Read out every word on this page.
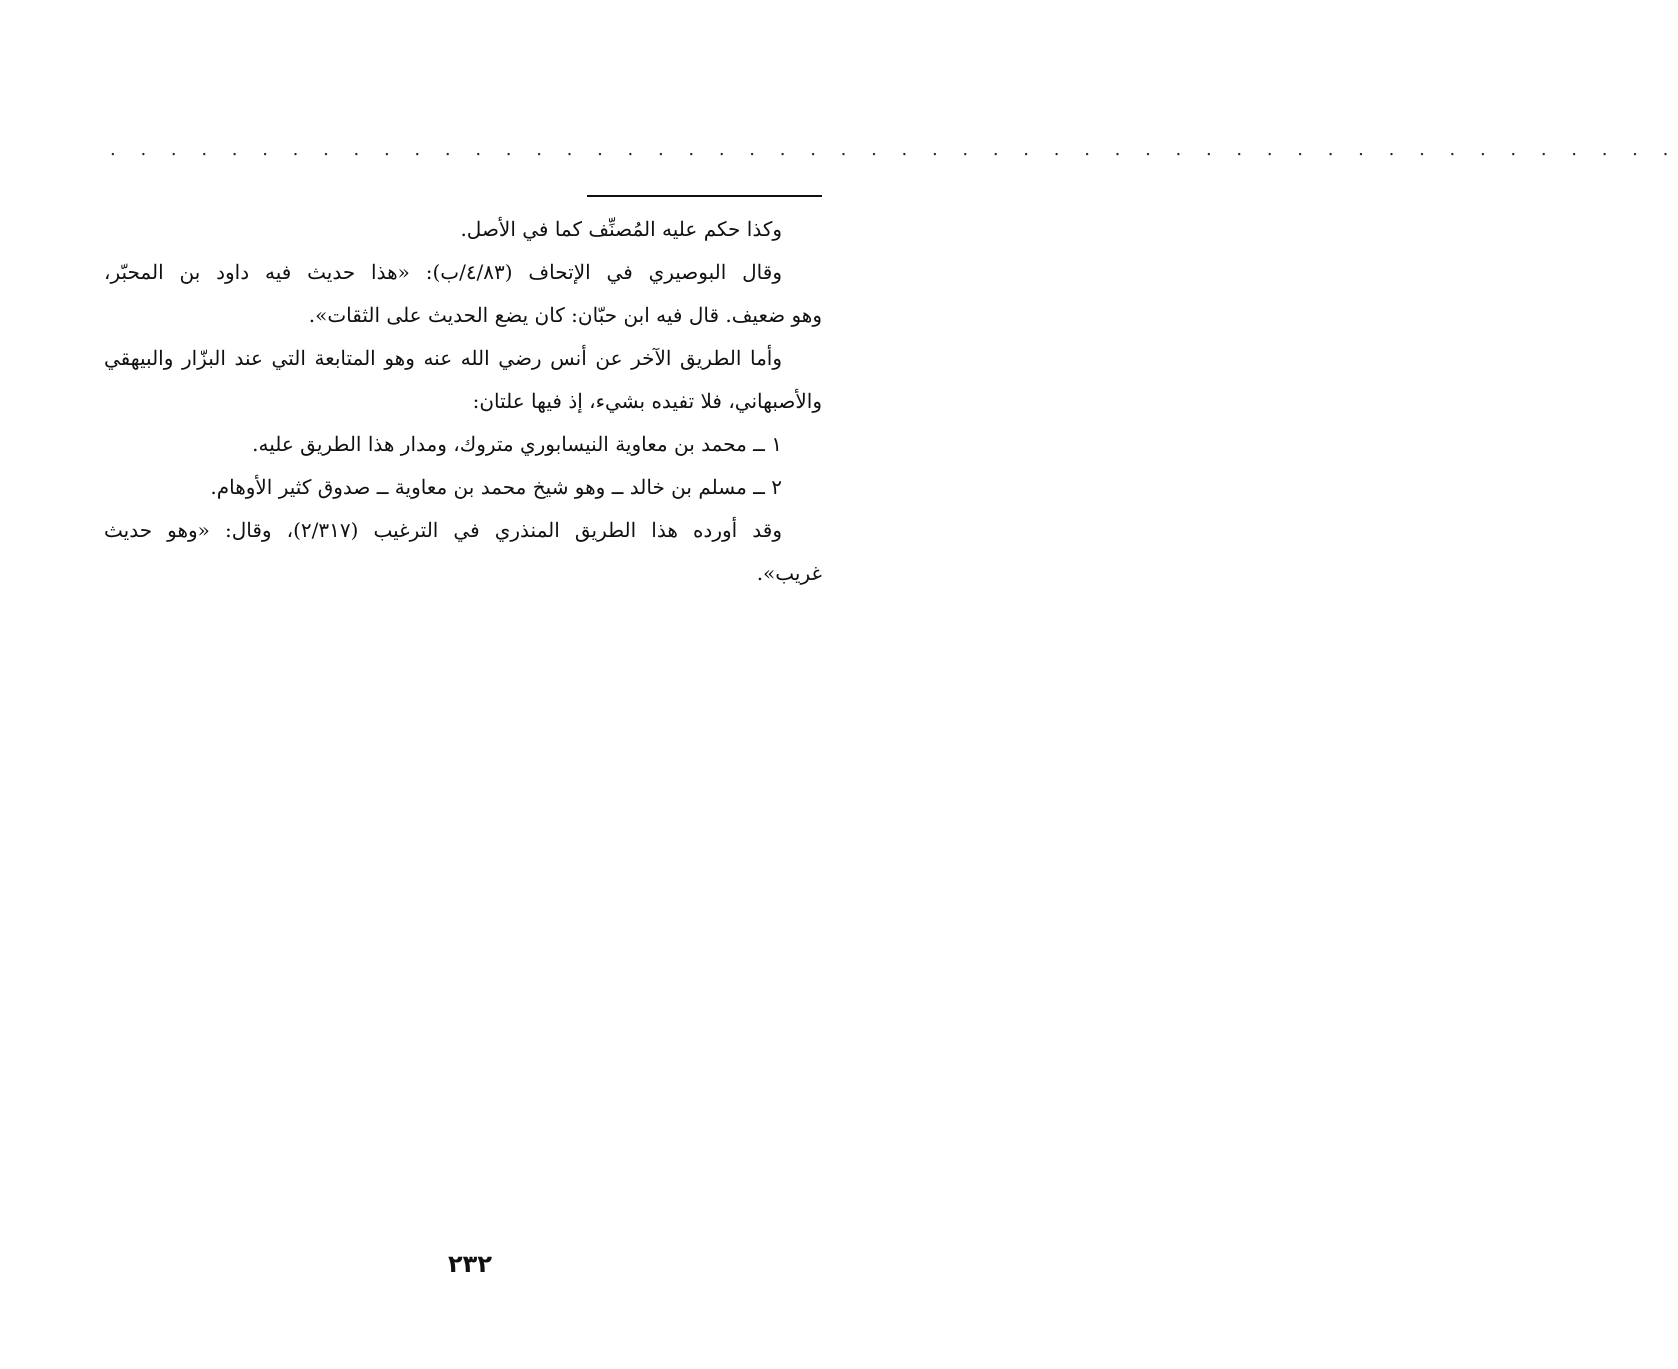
. . . . . . . . . . . . . . . . . . . . . . . . . . . . . . . . . . . . . . . . . . . . . . . . . . . .
وكذا حكم عليه المُصنِّف كما في الأصل.
وقال البوصيري في الإتحاف (٤/٨٣/ب): «هذا حديث فيه داود بن المحبّر،
وهو ضعيف. قال فيه ابن حبّان: كان يضع الحديث على الثقات».
وأما الطريق الآخر عن أنس رضي الله عنه وهو المتابعة التي عند البزّار والبيهقي
والأصبهاني، فلا تفيده بشيء، إذ فيها علتان:
١ ــ محمد بن معاوية النيسابوري متروك، ومدار هذا الطريق عليه.
٢ ــ مسلم بن خالد ــ وهو شيخ محمد بن معاوية ــ صدوق كثير الأوهام.
وقد أورده هذا الطريق المنذري في الترغيب (٢/٣١٧)، وقال: «وهو حديث
غريب».
٢٣٢
